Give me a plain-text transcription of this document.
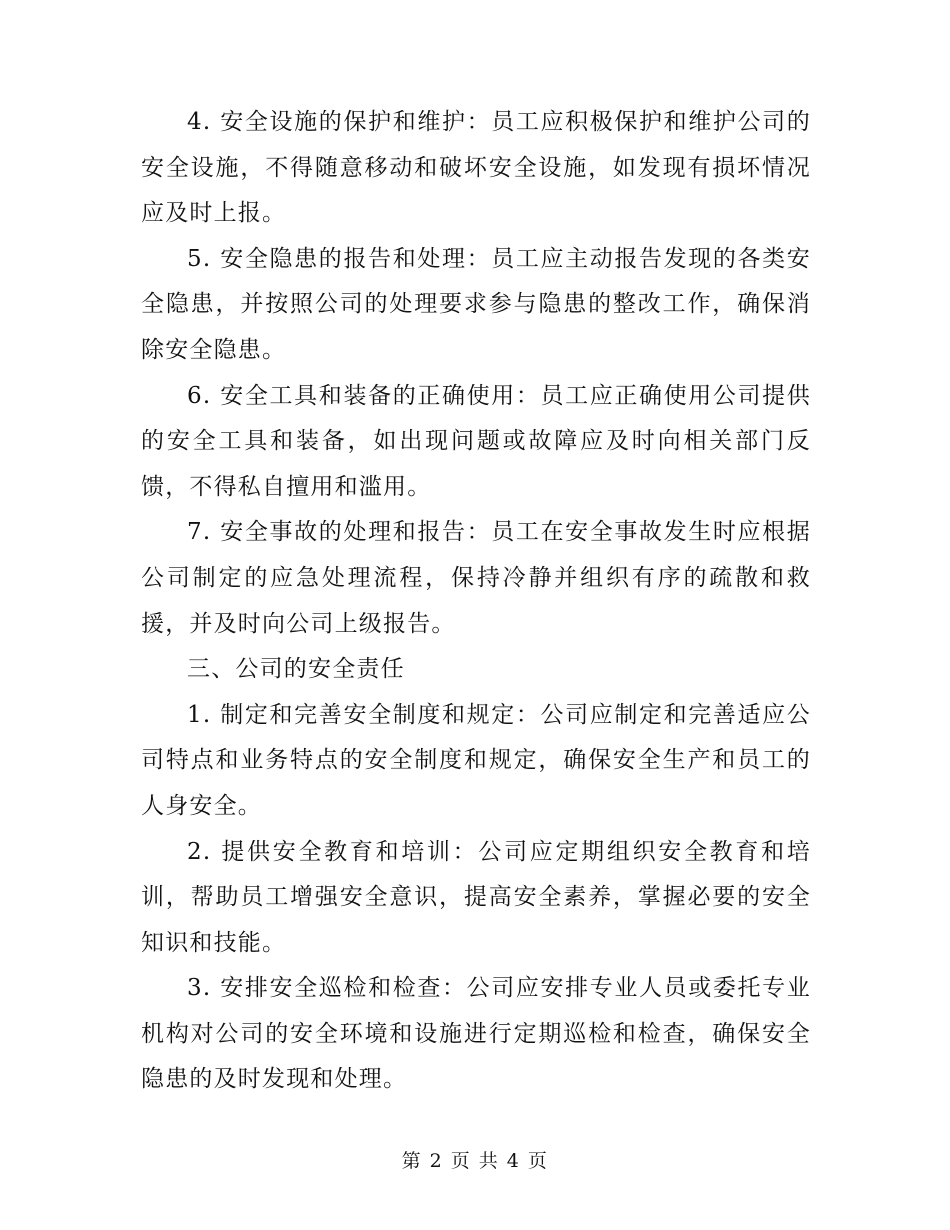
4. 安全设施的保护和维护：员工应积极保护和维护公司的安全设施，不得随意移动和破坏安全设施，如发现有损坏情况应及时上报。

5. 安全隐患的报告和处理：员工应主动报告发现的各类安全隐患，并按照公司的处理要求参与隐患的整改工作，确保消除安全隐患。

6. 安全工具和装备的正确使用：员工应正确使用公司提供的安全工具和装备，如出现问题或故障应及时向相关部门反馈，不得私自擅用和滥用。

7. 安全事故的处理和报告：员工在安全事故发生时应根据公司制定的应急处理流程，保持冷静并组织有序的疏散和救援，并及时向公司上级报告。

三、公司的安全责任

1. 制定和完善安全制度和规定：公司应制定和完善适应公司特点和业务特点的安全制度和规定，确保安全生产和员工的人身安全。

2. 提供安全教育和培训：公司应定期组织安全教育和培训，帮助员工增强安全意识，提高安全素养，掌握必要的安全知识和技能。

3. 安排安全巡检和检查：公司应安排专业人员或委托专业机构对公司的安全环境和设施进行定期巡检和检查，确保安全隐患的及时发现和处理。

第 2 页 共 4 页
